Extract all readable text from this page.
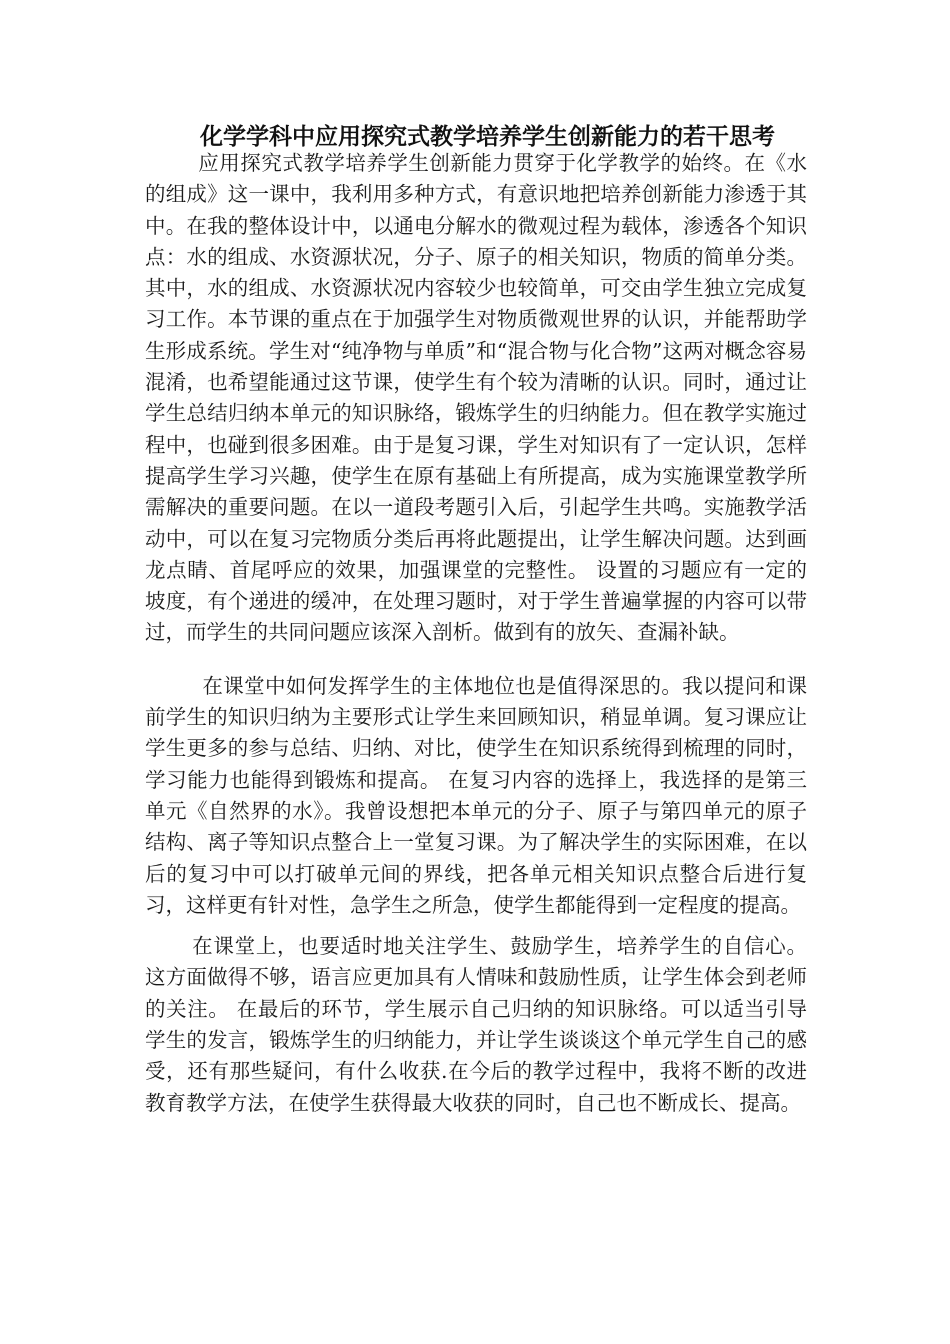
化学学科中应用探究式教学培养学生创新能力的若干思考

应用探究式教学培养学生创新能力贯穿于化学教学的始终。在《水的组成》这一课中，我利用多种方式，有意识地把培养创新能力渗透于其中。在我的整体设计中，以通电分解水的微观过程为载体，渗透各个知识点：水的组成、水资源状况，分子、原子的相关知识，物质的简单分类。其中，水的组成、水资源状况内容较少也较简单，可交由学生独立完成复习工作。本节课的重点在于加强学生对物质微观世界的认识，并能帮助学生形成系统。学生对“纯净物与单质”和“混合物与化合物”这两对概念容易混淆，也希望能通过这节课，使学生有个较为清晰的认识。同时，通过让学生总结归纳本单元的知识脉络，锻炼学生的归纳能力。但在教学实施过程中，也碰到很多困难。由于是复习课，学生对知识有了一定认识，怎样提高学生学习兴趣，使学生在原有基础上有所提高，成为实施课堂教学所需解决的重要问题。在以一道段考题引入后，引起学生共鸣。实施教学活动中，可以在复习完物质分类后再将此题提出，让学生解决问题。达到画龙点睛、首尾呼应的效果，加强课堂的完整性。 设置的习题应有一定的坡度，有个递进的缓冲，在处理习题时，对于学生普遍掌握的内容可以带过，而学生的共同问题应该深入剖析。做到有的放矢、查漏补缺。

在课堂中如何发挥学生的主体地位也是值得深思的。我以提问和课前学生的知识归纳为主要形式让学生来回顾知识，稍显单调。复习课应让学生更多的参与总结、归纳、对比，使学生在知识系统得到梳理的同时，学习能力也能得到锻炼和提高。 在复习内容的选择上，我选择的是第三单元《自然界的水》。我曾设想把本单元的分子、原子与第四单元的原子结构、离子等知识点整合上一堂复习课。为了解决学生的实际困难，在以后的复习中可以打破单元间的界线，把各单元相关知识点整合后进行复习，这样更有针对性，急学生之所急，使学生都能得到一定程度的提高。

在课堂上，也要适时地关注学生、鼓励学生，培养学生的自信心。这方面做得不够，语言应更加具有人情味和鼓励性质，让学生体会到老师的关注。 在最后的环节，学生展示自己归纳的知识脉络。可以适当引导学生的发言，锻炼学生的归纳能力，并让学生谈谈这个单元学生自己的感受，还有那些疑问，有什么收获.在今后的教学过程中，我将不断的改进教育教学方法，在使学生获得最大收获的同时，自己也不断成长、提高。
